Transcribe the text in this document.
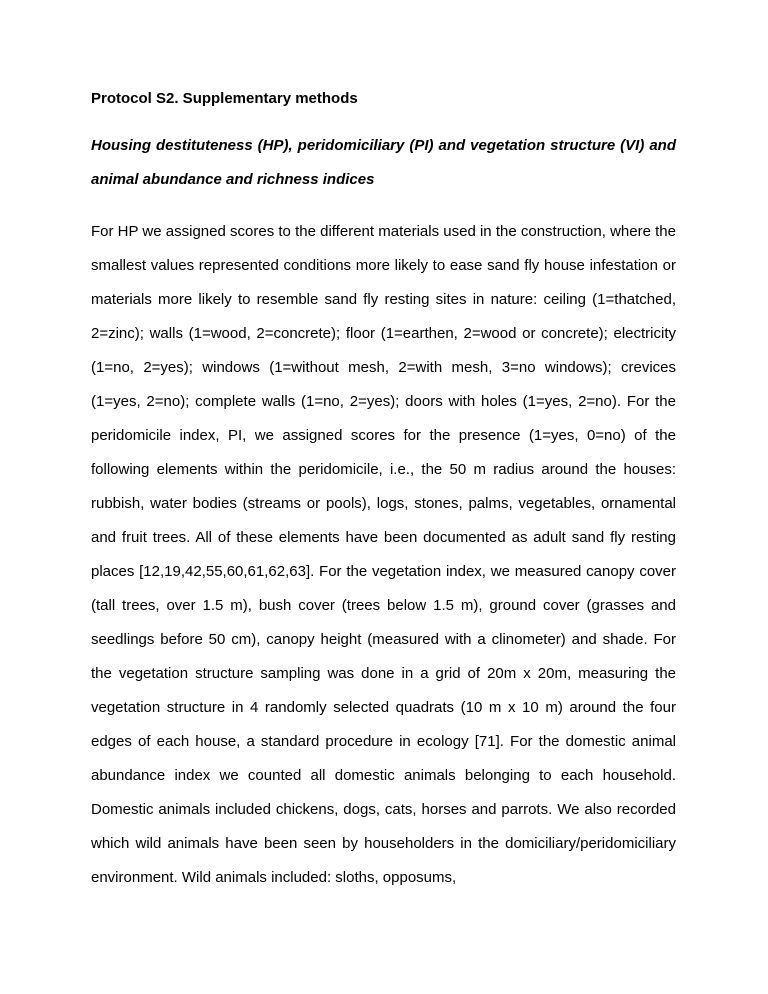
Protocol S2. Supplementary methods

Housing destituteness (HP), peridomiciliary (PI) and vegetation structure (VI) and animal abundance and richness indices

For HP we assigned scores to the different materials used in the construction, where the smallest values represented conditions more likely to ease sand fly house infestation or materials more likely to resemble sand fly resting sites in nature: ceiling (1=thatched, 2=zinc); walls (1=wood, 2=concrete); floor (1=earthen, 2=wood or concrete); electricity (1=no, 2=yes); windows (1=without mesh, 2=with mesh, 3=no windows); crevices (1=yes, 2=no); complete walls (1=no, 2=yes); doors with holes (1=yes, 2=no). For the peridomicile index, PI, we assigned scores for the presence (1=yes, 0=no) of the following elements within the peridomicile, i.e., the 50 m radius around the houses: rubbish, water bodies (streams or pools), logs, stones, palms, vegetables, ornamental and fruit trees. All of these elements have been documented as adult sand fly resting places [12,19,42,55,60,61,62,63]. For the vegetation index, we measured canopy cover (tall trees, over 1.5 m), bush cover (trees below 1.5 m), ground cover (grasses and seedlings before 50 cm), canopy height (measured with a clinometer) and shade. For the vegetation structure sampling was done in a grid of 20m x 20m, measuring the vegetation structure in 4 randomly selected quadrats (10 m x 10 m) around the four edges of each house, a standard procedure in ecology [71]. For the domestic animal abundance index we counted all domestic animals belonging to each household. Domestic animals included chickens, dogs, cats, horses and parrots. We also recorded which wild animals have been seen by householders in the domiciliary/peridomiciliary environment. Wild animals included: sloths, opposums,
